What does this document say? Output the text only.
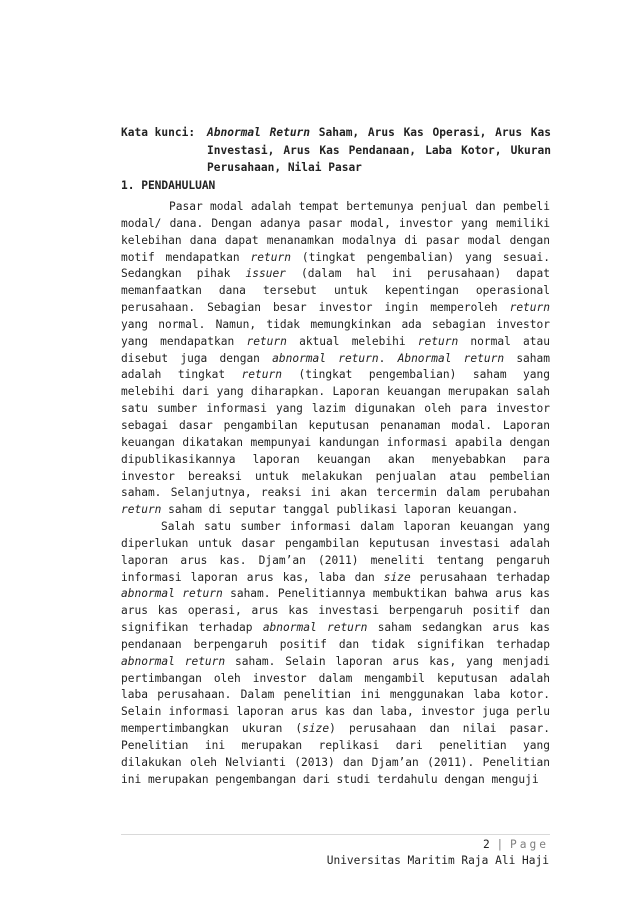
Kata kunci:	Abnormal Return Saham, Arus Kas Operasi, Arus Kas Investasi, Arus Kas Pendanaan, Laba Kotor, Ukuran Perusahaan, Nilai Pasar
1. PENDAHULUAN

Pasar modal adalah tempat bertemunya penjual dan pembeli modal/ dana. Dengan adanya pasar modal, investor yang memiliki kelebihan dana dapat menanamkan modalnya di pasar modal dengan motif mendapatkan return (tingkat pengembalian) yang sesuai. Sedangkan pihak issuer (dalam hal ini perusahaan) dapat memanfaatkan dana tersebut untuk kepentingan operasional perusahaan. Sebagian besar investor ingin memperoleh return yang normal. Namun, tidak memungkinkan ada sebagian investor yang mendapatkan return aktual melebihi return normal atau disebut juga dengan abnormal return. Abnormal return saham adalah tingkat return (tingkat pengembalian) saham yang melebihi dari yang diharapkan. Laporan keuangan merupakan salah satu sumber informasi yang lazim digunakan oleh para investor sebagai dasar pengambilan keputusan penanaman modal. Laporan keuangan dikatakan mempunyai kandungan informasi apabila dengan dipublikasikannya laporan keuangan akan menyebabkan para investor bereaksi untuk melakukan penjualan atau pembelian saham. Selanjutnya, reaksi ini akan tercermin dalam perubahan return saham di seputar tanggal publikasi laporan keuangan.

Salah satu sumber informasi dalam laporan keuangan yang diperlukan untuk dasar pengambilan keputusan investasi adalah laporan arus kas. Djam’an (2011) meneliti tentang pengaruh informasi laporan arus kas, laba dan size perusahaan terhadap abnormal return saham. Penelitiannya membuktikan bahwa arus kas arus kas operasi, arus kas investasi berpengaruh positif dan signifikan terhadap abnormal return saham sedangkan arus kas pendanaan berpengaruh positif dan tidak signifikan terhadap abnormal return saham. Selain laporan arus kas, yang menjadi pertimbangan oleh investor dalam mengambil keputusan adalah laba perusahaan. Dalam penelitian ini menggunakan laba kotor. Selain informasi laporan arus kas dan laba, investor juga perlu mempertimbangkan ukuran (size) perusahaan dan nilai pasar. Penelitian ini merupakan replikasi dari penelitian yang dilakukan oleh Nelvianti (2013) dan Djam’an (2011). Penelitian ini merupakan pengembangan dari studi terdahulu dengan menguji

2 | Page
Universitas Maritim Raja Ali Haji
